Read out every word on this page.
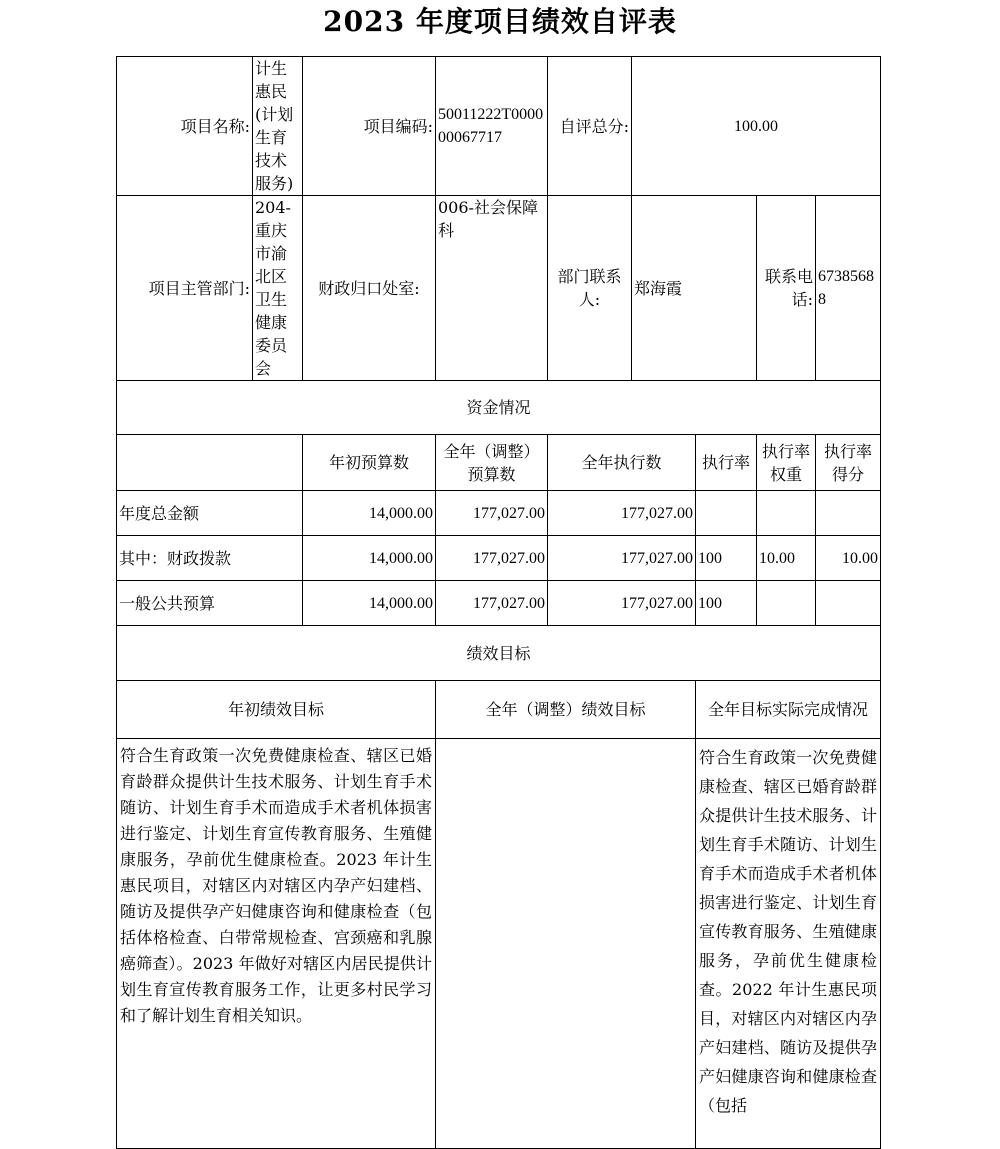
2023 年度项目绩效自评表
项目名称:	计生惠民(计划生育技术服务)	项目编码:	50011222T000000067717	自评总分:	100.00			
项目主管部门:	204-重庆市渝北区卫生健康委员会	财政归口处室:	006-社会保障科	部门联系人:	郑海霞		联系电话:	67385688
资金情况								
		年初预算数	全年（调整）预算数	全年执行数		执行率	执行率权重	执行率得分
年度总金额		14,000.00	177,027.00	177,027.00				
其中：财政拨款		14,000.00	177,027.00	177,027.00		100	10.00	10.00
一般公共预算		14,000.00	177,027.00	177,027.00		100		
绩效目标								
年初绩效目标			全年（调整）绩效目标			全年目标实际完成情况		
符合生育政策一次免费健康检查、辖区已婚育龄群众提供计生技术服务、计划生育手术随访、计划生育手术而造成手术者机体损害进行鉴定、计划生育宣传教育服务、生殖健康服务，孕前优生健康检查。2023 年计生惠民项目，对辖区内对辖区内孕产妇建档、随访及提供孕产妇健康咨询和健康检查（包括体格检查、白带常规检查、宫颈癌和乳腺癌筛查）。2023 年做好对辖区内居民提供计划生育宣传教育服务工作，让更多村民学习和了解计划生育相关知识。						符合生育政策一次免费健康检查、辖区已婚育龄群众提供计生技术服务、计划生育手术随访、计划生育手术而造成手术者机体损害进行鉴定、计划生育宣传教育服务、生殖健康服务，孕前优生健康检查。2022 年计生惠民项目，对辖区内对辖区内孕产妇建档、随访及提供孕产妇健康咨询和健康检查（包括		
